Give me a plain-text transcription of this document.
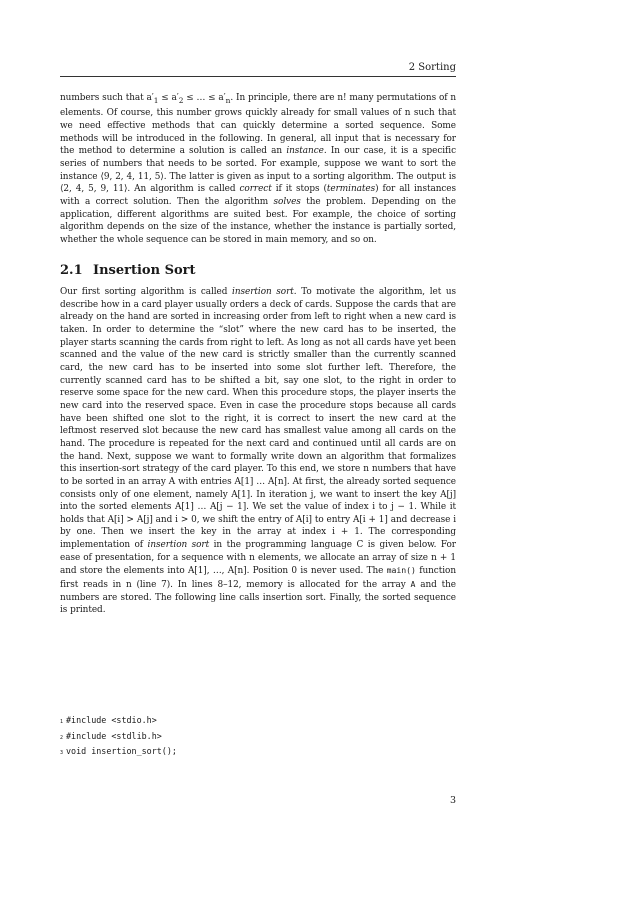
2 Sorting

numbers such that $a'_1 \le a'_2$ ≤ … ≤ $a'_n$. In principle, there are n! many permutations of n elements. Of course, this number grows quickly already for small values of n such that we need effective methods that can quickly determine a sorted sequence. Some methods will be introduced in the following. In general, all input that is necessary for the method to determine a solution is called an instance. In our case, it is a specific series of numbers that needs to be sorted. For example, suppose we want to sort the instance ⟨9, 2, 4, 11, 5⟩. The latter is given as input to a sorting algorithm. The output is ⟨2, 4, 5, 9, 11⟩. An algorithm is called correct if it stops (terminates) for all instances with a correct solution. Then the algorithm solves the problem. Depending on the application, different algorithms are suited best. For example, the choice of sorting algorithm depends on the size of the instance, whether the instance is partially sorted, whether the whole sequence can be stored in main memory, and so on.

2.1 Insertion Sort

Our first sorting algorithm is called insertion sort. To motivate the algorithm, let us describe how in a card player usually orders a deck of cards. Suppose the cards that are already on the hand are sorted in increasing order from left to right when a new card is taken. In order to determine the “slot” where the new card has to be inserted, the player starts scanning the cards from right to left. As long as not all cards have yet been scanned and the value of the new card is strictly smaller than the currently scanned card, the new card has to be inserted into some slot further left. Therefore, the currently scanned card has to be shifted a bit, say one slot, to the right in order to reserve some space for the new card. When this procedure stops, the player inserts the new card into the reserved space. Even in case the procedure stops because all cards have been shifted one slot to the right, it is correct to insert the new card at the leftmost reserved slot because the new card has smallest value among all cards on the hand. The procedure is repeated for the next card and continued until all cards are on the hand. Next, suppose we want to formally write down an algorithm that formalizes this insertion-sort strategy of the card player. To this end, we store n numbers that have to be sorted in an array A with entries A[1] … A[n]. At first, the already sorted sequence consists only of one element, namely A[1]. In iteration j, we want to insert the key A[j] into the sorted elements A[1] … A[j − 1]. We set the value of index i to j − 1. While it holds that A[i] > A[j] and i > 0, we shift the entry of A[i] to entry A[i + 1] and decrease i by one. Then we insert the key in the array at index i + 1. The corresponding implementation of insertion sort in the programming language C is given below. For ease of presentation, for a sequence with n elements, we allocate an array of size n + 1 and store the elements into A[1], …, A[n]. Position 0 is never used. The main() function first reads in n (line 7). In lines 8–12, memory is allocated for the array A and the numbers are stored. The following line calls insertion sort. Finally, the sorted sequence is printed.

1 #include <stdio.h>
2 #include <stdlib.h>
3 void insertion_sort();
3
